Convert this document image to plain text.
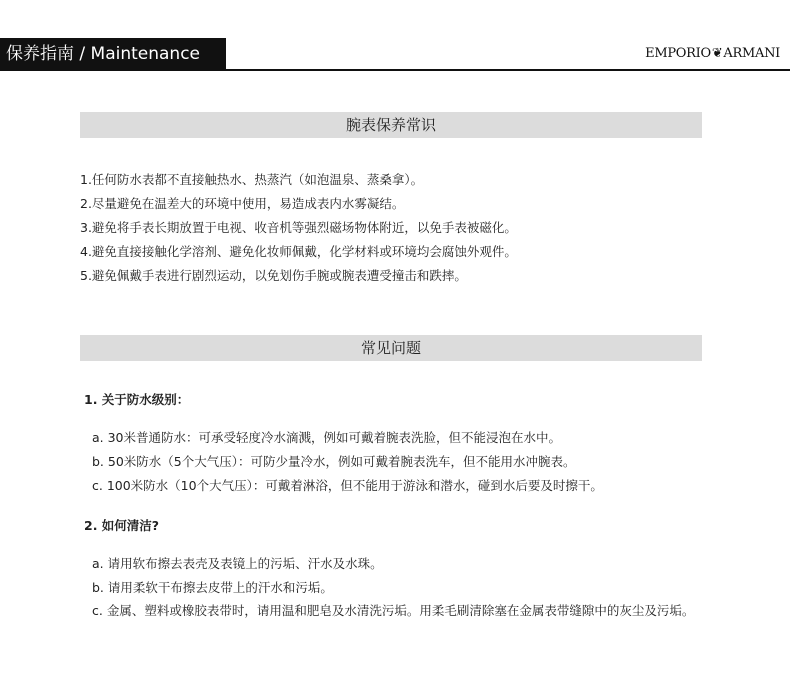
保养指南 / Maintenance	EMPORIO❦ARMANI
腕表保养常识
1.任何防水表都不直接触热水、热蒸汽（如泡温泉、蒸桑拿）。
2.尽量避免在温差大的环境中使用，易造成表内水雾凝结。
3.避免将手表长期放置于电视、收音机等强烈磁场物体附近，以免手表被磁化。
4.避免直接接触化学溶剂、避免化妆师佩戴，化学材料或环境均会腐蚀外观件。
5.避免佩戴手表进行剧烈运动，以免划伤手腕或腕表遭受撞击和跌摔。
常见问题
1. 关于防水级别：
a. 30米普通防水：可承受轻度冷水滴溅，例如可戴着腕表洗脸，但不能浸泡在水中。
b. 50米防水（5个大气压）：可防少量冷水，例如可戴着腕表洗车，但不能用水冲腕表。
c. 100米防水（10个大气压）：可戴着淋浴，但不能用于游泳和潜水，碰到水后要及时擦干。
2. 如何清洁?
a. 请用软布擦去表壳及表镜上的污垢、汗水及水珠。
b. 请用柔软干布擦去皮带上的汗水和污垢。
c. 金属、塑料或橡胶表带时，请用温和肥皂及水清洗污垢。用柔毛刷清除塞在金属表带缝隙中的灰尘及污垢。
